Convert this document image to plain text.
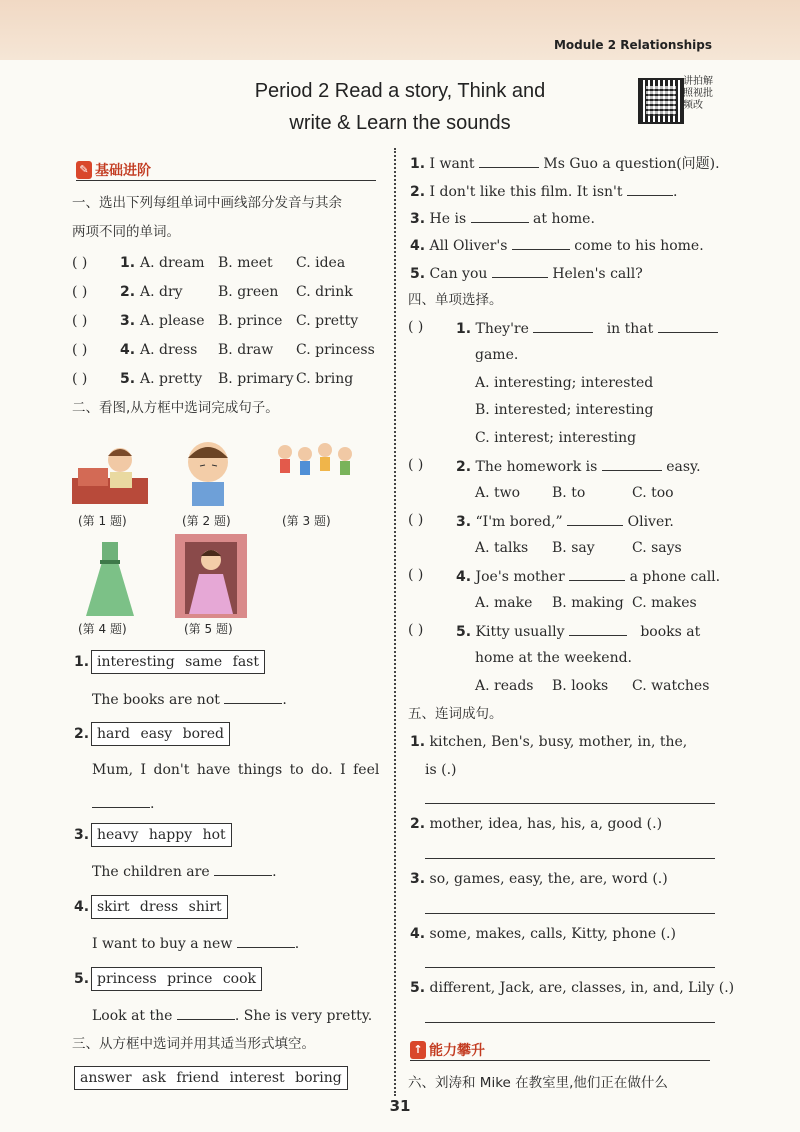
Module 2 Relationships
Period 2 Read a story, Think and
write & Learn the sounds
讲拍解照视批频改
✎ 基础进阶
一、选出下列每组单词中画线部分发音与其余
两项不同的单词。
( ) 1. A. dream B. meet C. idea
( ) 2. A. dry	B. green C. drink
( ) 3. A. please B. prince C. pretty
( ) 4. A. dress B. draw C. princess
( ) 5. A. pretty B. primary C. bring
二、看图,从方框中选词完成句子。
(第 1 题)	(第 2 题)	(第 3 题)
(第 4 题)	(第 5 题)
1. interesting same fast
The books are not	.
2. hard easy bored
Mum, I don't have things to do. I feel
.
3. heavy happy hot
The children are	.
4. skirt dress shirt
I want to buy a new	.
5. princess prince cook
Look at the	. She is very pretty.
三、从方框中选词并用其适当形式填空。
answer ask friend interest boring
1. I want	Ms Guo a question(问题).
2. I don't like this film. It isn't	.
3. He is	at home.
4. All Oliver's	come to his home.
5. Can you	Helen's call?
四、单项选择。
( ) 1. They're	in that
game.
A. interesting; interested
B. interested; interesting
C. interest; interesting
( ) 2. The homework is	easy.
A. two B. to	C. too
( ) 3. “I'm bored,”	Oliver.
A. talks B. say	C. says
( ) 4. Joe's mother	a phone call.
A. make B. making C. makes
( ) 5. Kitty usually	books at
home at the weekend.
A. reads B. looks C. watches
五、连词成句。
1. kitchen, Ben's, busy, mother, in, the,
is (.)
2. mother, idea, has, his, a, good (.)
3. so, games, easy, the, are, word (.)
4. some, makes, calls, Kitty, phone (.)
5. different, Jack, are, classes, in, and, Lily (.)
↑ 能力攀升
六、刘涛和 Mike 在教室里,他们正在做什么
31
